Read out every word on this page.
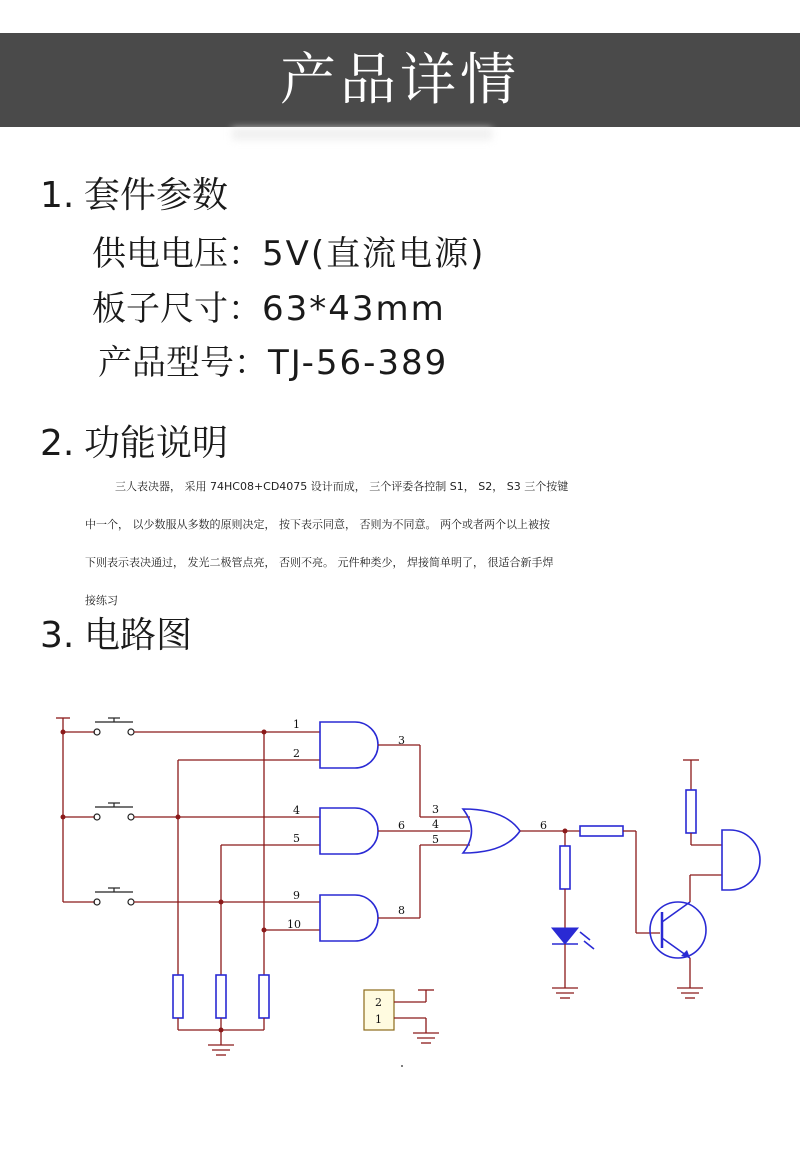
产品详情
1. 套件参数
供电电压：5V(直流电源)
板子尺寸：63*43mm
产品型号：TJ-56-389
2. 功能说明
三人表决器， 采用 74HC08+CD4075 设计而成， 三个评委各控制 S1， S2， S3 三个按键
中一个， 以少数服从多数的原则决定， 按下表示同意， 否则为不同意。 两个或者两个以上被按
下则表示表决通过， 发光二极管点亮， 否则不亮。 元件种类少， 焊接简单明了， 很适合新手焊
接练习
3. 电路图
1
2
3
4
5
6
9
10
8
3
4
5
6
2
1
